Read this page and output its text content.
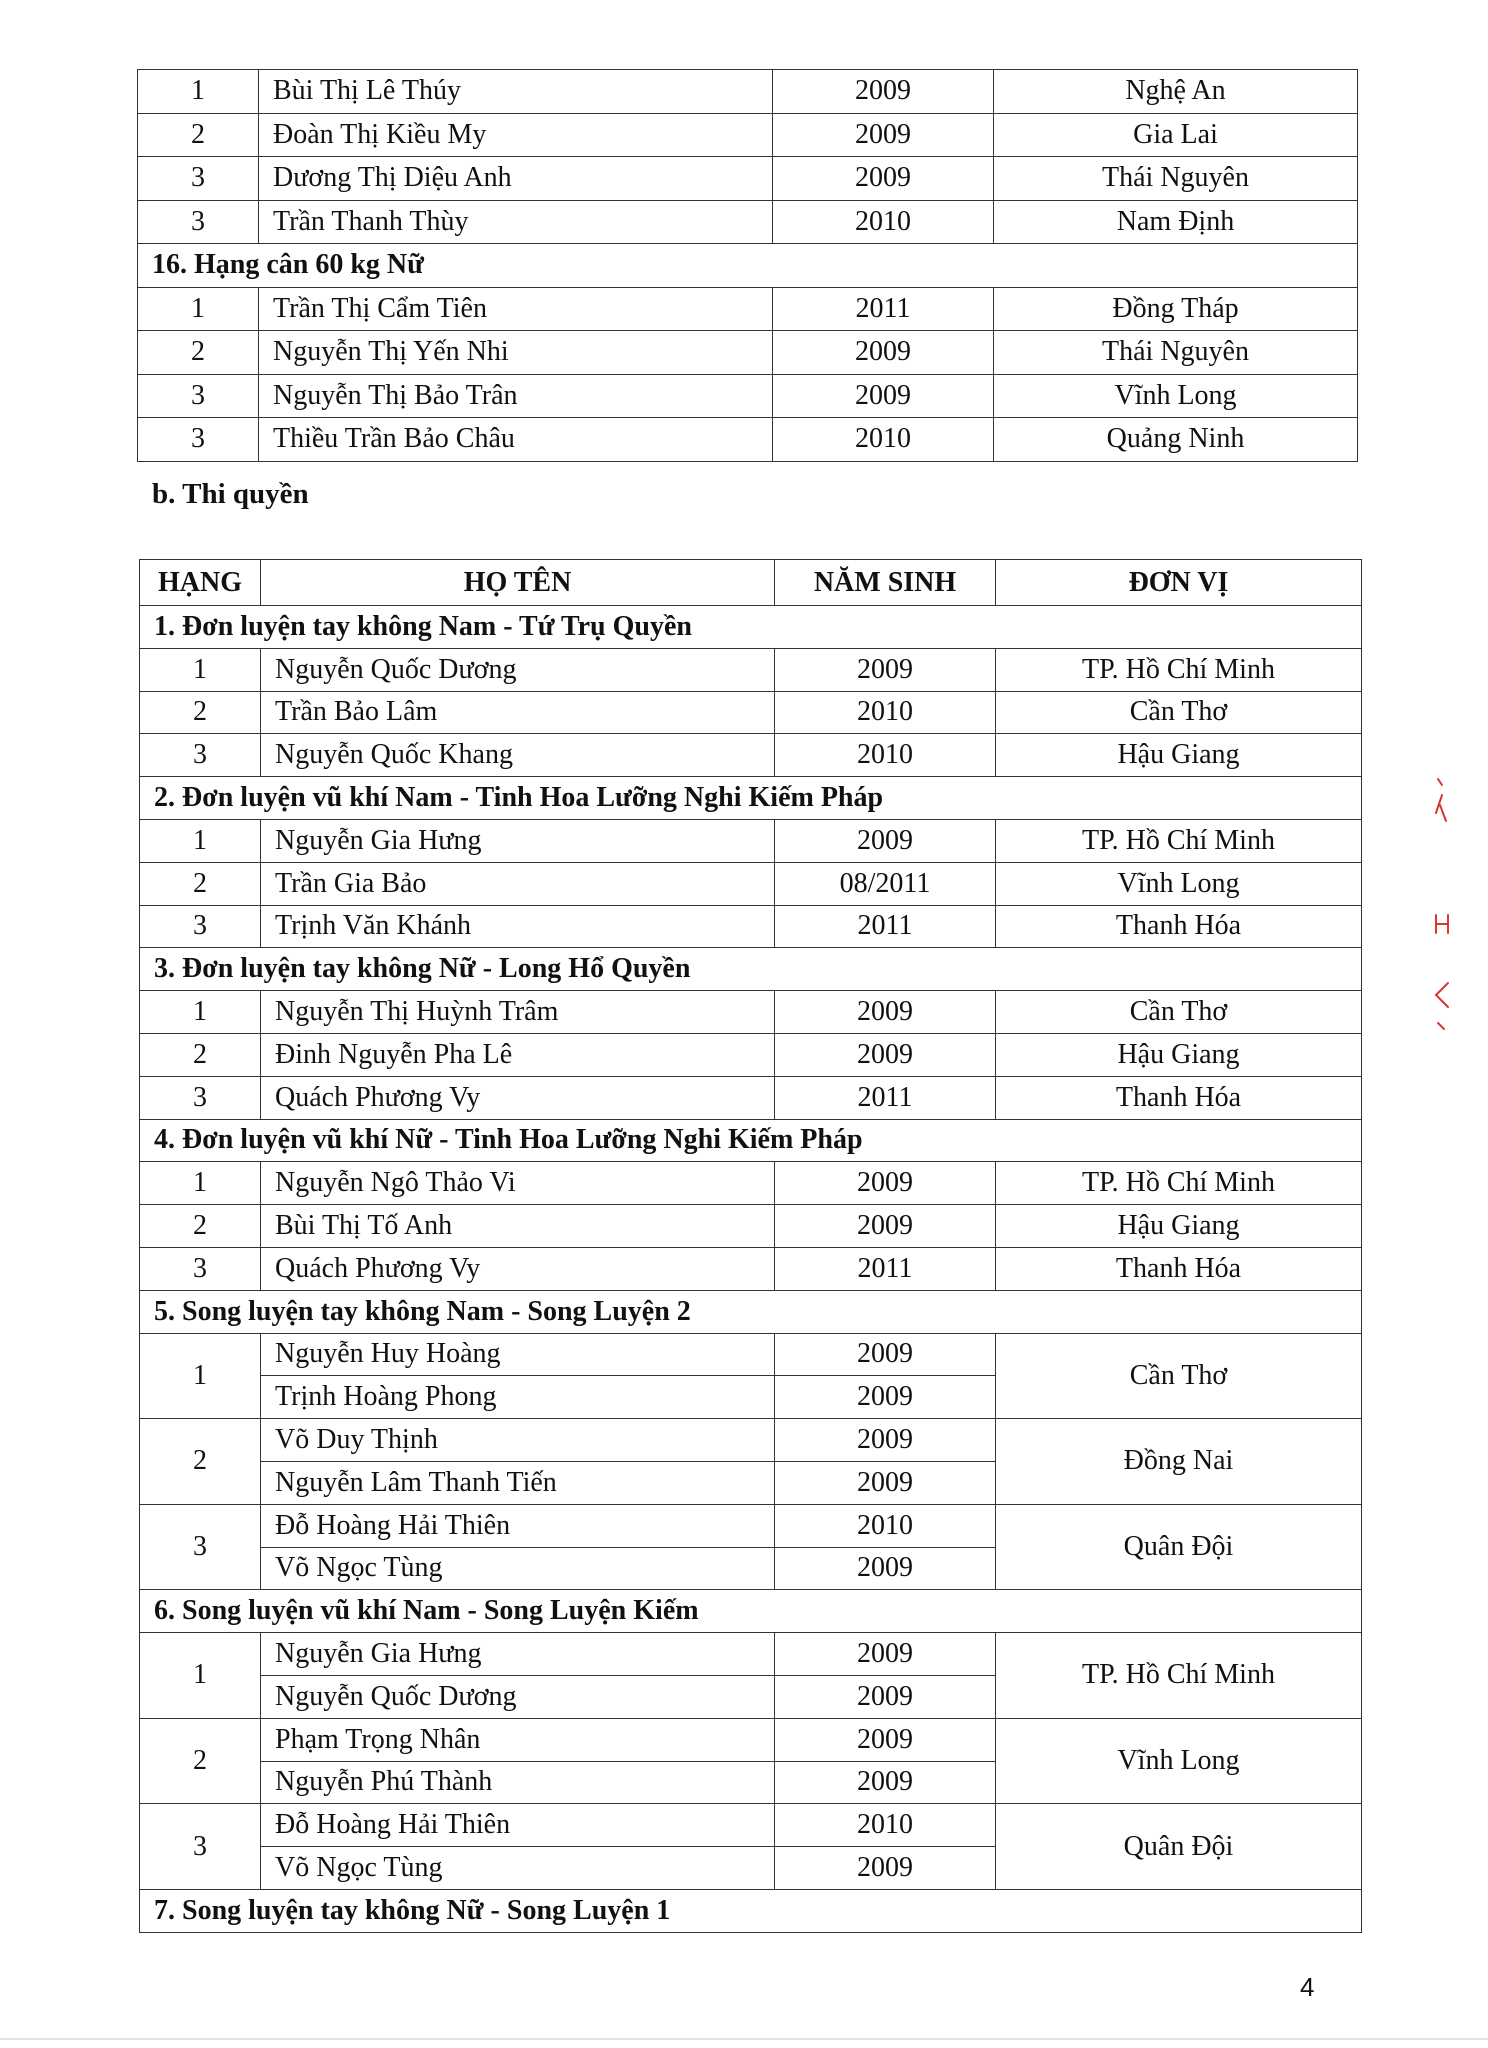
1	Bùi Thị Lê Thúy	2009	Nghệ An
2	Đoàn Thị Kiều My	2009	Gia Lai
3	Dương Thị Diệu Anh	2009	Thái Nguyên
3	Trần Thanh Thùy	2010	Nam Định
16. Hạng cân 60 kg Nữ			
1	Trần Thị Cẩm Tiên	2011	Đồng Tháp
2	Nguyễn Thị Yến Nhi	2009	Thái Nguyên
3	Nguyễn Thị Bảo Trân	2009	Vĩnh Long
3	Thiều Trần Bảo Châu	2010	Quảng Ninh
b. Thi quyền
HẠNG	HỌ TÊN	NĂM SINH	ĐƠN VỊ
1. Đơn luyện tay không Nam - Tứ Trụ Quyền			
1	Nguyễn Quốc Dương	2009	TP. Hồ Chí Minh
2	Trần Bảo Lâm	2010	Cần Thơ
3	Nguyễn Quốc Khang	2010	Hậu Giang
2. Đơn luyện vũ khí Nam - Tinh Hoa Lưỡng Nghi Kiếm Pháp			
1	Nguyễn Gia Hưng	2009	TP. Hồ Chí Minh
2	Trần Gia Bảo	08/2011	Vĩnh Long
3	Trịnh Văn Khánh	2011	Thanh Hóa
3. Đơn luyện tay không Nữ - Long Hổ Quyền			
1	Nguyễn Thị Huỳnh Trâm	2009	Cần Thơ
2	Đinh Nguyễn Pha Lê	2009	Hậu Giang
3	Quách Phương Vy	2011	Thanh Hóa
4. Đơn luyện vũ khí Nữ - Tinh Hoa Lưỡng Nghi Kiếm Pháp			
1	Nguyễn Ngô Thảo Vi	2009	TP. Hồ Chí Minh
2	Bùi Thị Tố Anh	2009	Hậu Giang
3	Quách Phương Vy	2011	Thanh Hóa
5. Song luyện tay không Nam - Song Luyện 2			
1	Nguyễn Huy Hoàng	2009	Cần Thơ
	Trịnh Hoàng Phong	2009	
2	Võ Duy Thịnh	2009	Đồng Nai
	Nguyễn Lâm Thanh Tiến	2009	
3	Đỗ Hoàng Hải Thiên	2010	Quân Đội
	Võ Ngọc Tùng	2009	
6. Song luyện vũ khí Nam - Song Luyện Kiếm			
1	Nguyễn Gia Hưng	2009	TP. Hồ Chí Minh
	Nguyễn Quốc Dương	2009	
2	Phạm Trọng Nhân	2009	Vĩnh Long
	Nguyễn Phú Thành	2009	
3	Đỗ Hoàng Hải Thiên	2010	Quân Đội
	Võ Ngọc Tùng	2009	
7. Song luyện tay không Nữ - Song Luyện 1			
4
